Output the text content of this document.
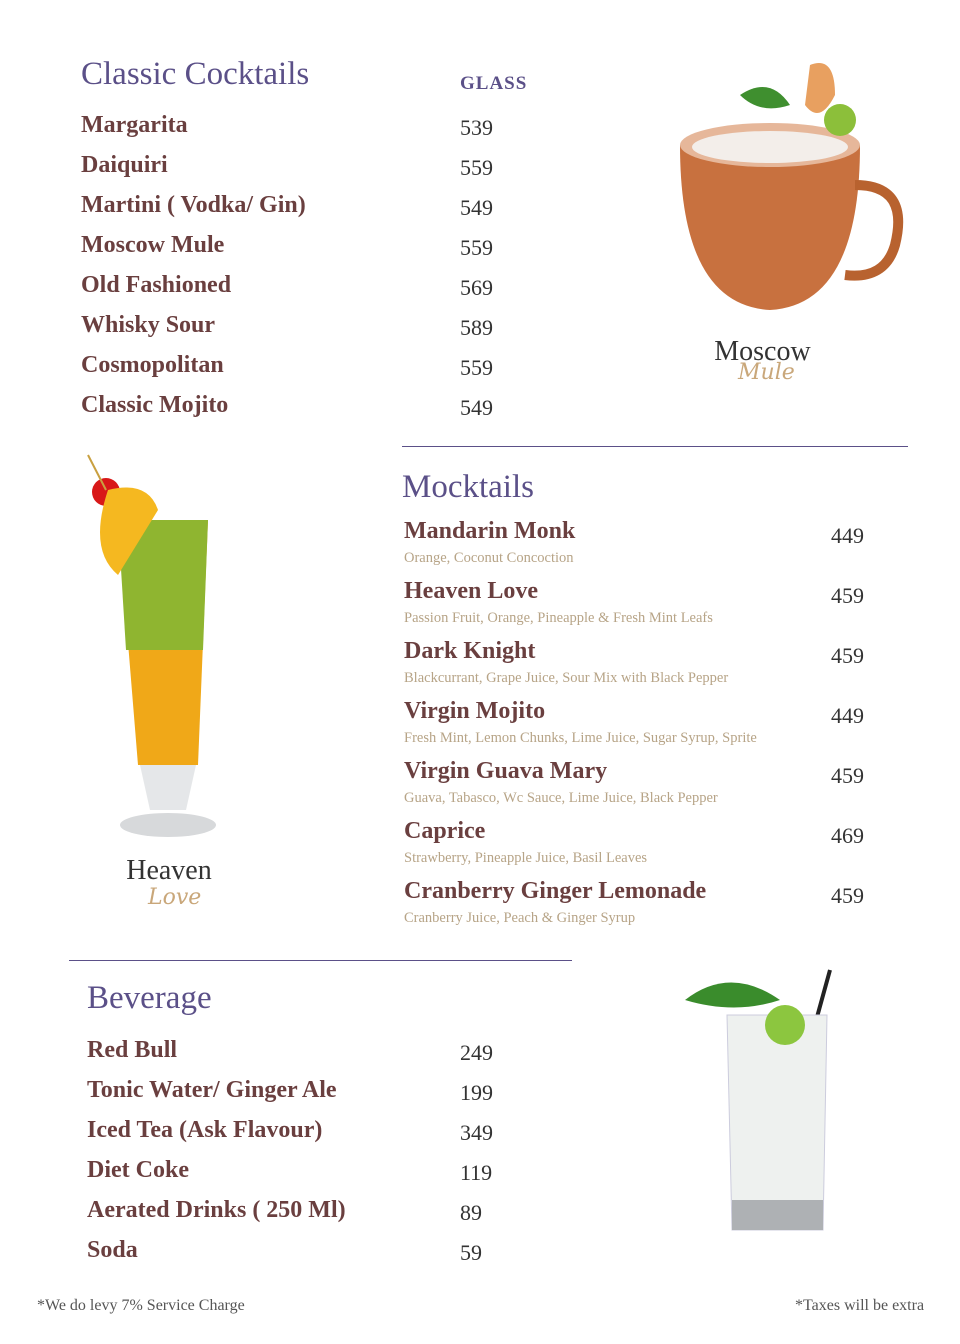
Classic Cocktails	GLASS
Margarita	539
Daiquiri	559
Martini ( Vodka/ Gin)	549
Moscow Mule	559
Old Fashioned	569
Whisky Sour	589
Cosmopolitan	559
Classic Mojito	549
Moscow
Mule
Mocktails
Mandarin Monk
Orange, Coconut Concoction
449
Heaven Love
Passion Fruit, Orange, Pineapple & Fresh Mint Leafs
459
Dark Knight
Blackcurrant, Grape Juice, Sour Mix with Black Pepper
459
Virgin Mojito
Fresh Mint, Lemon Chunks, Lime Juice, Sugar Syrup, Sprite
449
Virgin Guava Mary
Guava, Tabasco, Wc Sauce, Lime Juice, Black Pepper
459
Caprice
Strawberry, Pineapple Juice, Basil Leaves
469
Cranberry Ginger Lemonade
Cranberry Juice, Peach & Ginger Syrup
459
Heaven
Love
Beverage
Red Bull	249
Tonic Water/ Ginger Ale	199
Iced Tea (Ask Flavour)	349
Diet Coke	119
Aerated Drinks ( 250 Ml)	89
Soda	59
*We do levy 7% Service Charge	*Taxes will be extra
